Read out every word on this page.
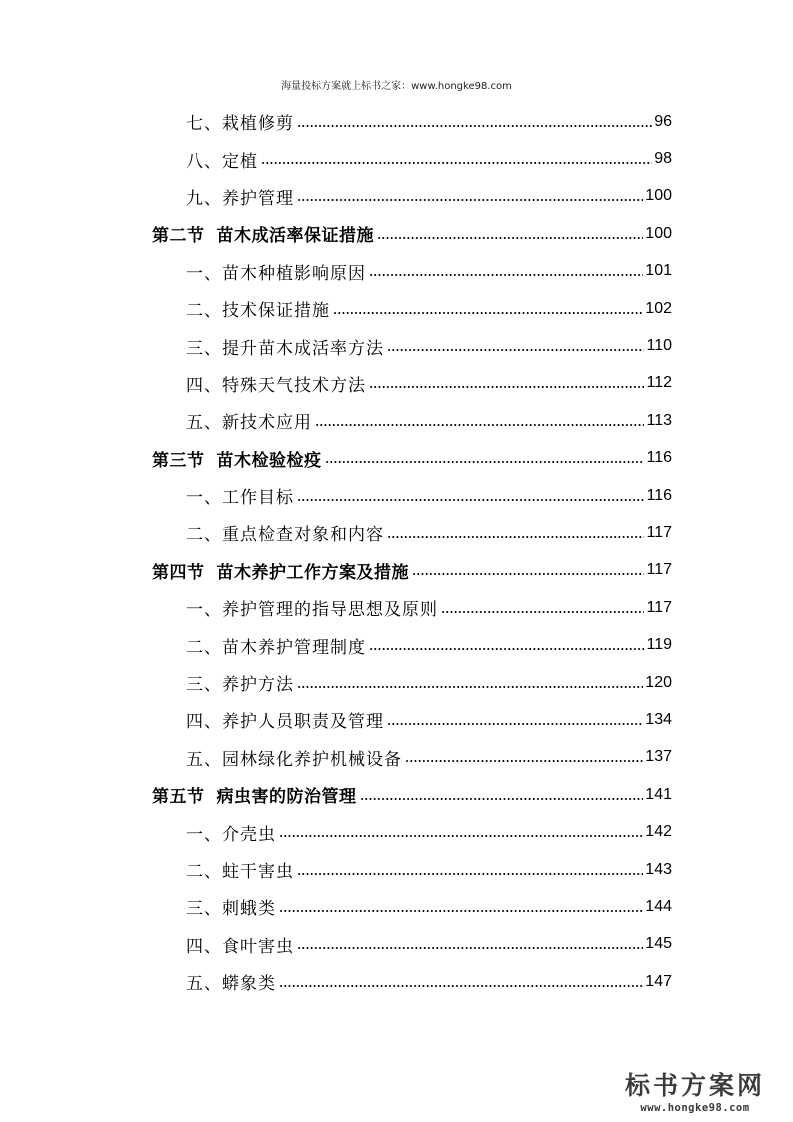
海量投标方案就上标书之家：www.hongke98.com
七、栽植修剪	96
八、定植	98
九、养护管理	100
第二节 苗木成活率保证措施	100
一、苗木种植影响原因	101
二、技术保证措施	102
三、提升苗木成活率方法	110
四、特殊天气技术方法	112
五、新技术应用	113
第三节 苗木检验检疫	116
一、工作目标	116
二、重点检查对象和内容	117
第四节 苗木养护工作方案及措施	117
一、养护管理的指导思想及原则	117
二、苗木养护管理制度	119
三、养护方法	120
四、养护人员职责及管理	134
五、园林绿化养护机械设备	137
第五节 病虫害的防治管理	141
一、介壳虫	142
二、蛀干害虫	143
三、刺蛾类	144
四、食叶害虫	145
五、蟒象类	147
标书方案网
www.hongke98.com
